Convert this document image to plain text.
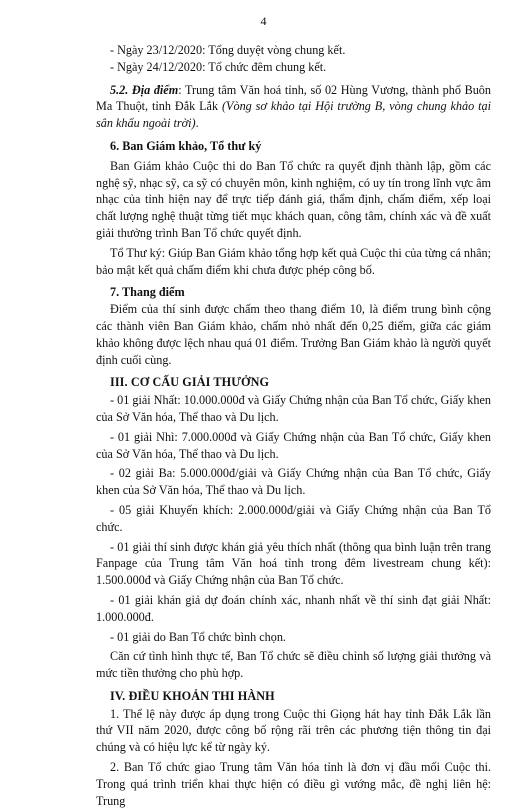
4

- Ngày 23/12/2020: Tổng duyệt vòng chung kết.

- Ngày 24/12/2020: Tổ chức đêm chung kết.

5.2. Địa điểm: Trung tâm Văn hoá tỉnh, số 02 Hùng Vương, thành phố Buôn Ma Thuột, tỉnh Đắk Lắk (Vòng sơ khảo tại Hội trường B, vòng chung khảo tại sân khấu ngoài trời).

6. Ban Giám khảo, Tổ thư ký

Ban Giám khảo Cuộc thi do Ban Tổ chức ra quyết định thành lập, gồm các nghệ sỹ, nhạc sỹ, ca sỹ có chuyên môn, kinh nghiệm, có uy tín trong lĩnh vực âm nhạc của tỉnh hiện nay để trực tiếp đánh giá, thẩm định, chấm điểm, xếp loại chất lượng nghệ thuật từng tiết mục khách quan, công tâm, chính xác và đề xuất giải thưởng trình Ban Tổ chức quyết định.

Tổ Thư ký: Giúp Ban Giám khảo tổng hợp kết quả Cuộc thi của từng cá nhân; bảo mật kết quả chấm điểm khi chưa được phép công bố.

7. Thang điểm

Điểm của thí sinh được chấm theo thang điểm 10, là điểm trung bình cộng các thành viên Ban Giám khảo, chấm nhỏ nhất đến 0,25 điểm, giữa các giám khảo không được lệch nhau quá 01 điểm. Trưởng Ban Giám khảo là người quyết định cuối cùng.

III. CƠ CẤU GIẢI THƯỞNG

- 01 giải Nhất: 10.000.000đ và Giấy Chứng nhận của Ban Tổ chức, Giấy khen của Sở Văn hóa, Thể thao và Du lịch.

- 01 giải Nhì: 7.000.000đ và Giấy Chứng nhận của Ban Tổ chức, Giấy khen của Sở Văn hóa, Thể thao và Du lịch.

- 02 giải Ba: 5.000.000đ/giải và Giấy Chứng nhận của Ban Tổ chức, Giấy khen của Sở Văn hóa, Thể thao và Du lịch.

- 05 giải Khuyến khích: 2.000.000đ/giải và Giấy Chứng nhận của Ban Tổ chức.

- 01 giải thí sinh được khán giả yêu thích nhất (thông qua bình luận trên trang Fanpage của Trung tâm Văn hoá tỉnh trong đêm livestream chung kết): 1.500.000đ và Giấy Chứng nhận của Ban Tổ chức.

- 01 giải khán giả dự đoán chính xác, nhanh nhất về thí sinh đạt giải Nhất: 1.000.000đ.

- 01 giải do Ban Tổ chức bình chọn.

Căn cứ tình hình thực tế, Ban Tổ chức sẽ điều chỉnh số lượng giải thưởng và mức tiền thưởng cho phù hợp.

IV. ĐIỀU KHOẢN THI HÀNH

1. Thể lệ này được áp dụng trong Cuộc thi Giọng hát hay tỉnh Đắk Lắk lần thứ VII năm 2020, được công bố rộng rãi trên các phương tiện thông tin đại chúng và có hiệu lực kể từ ngày ký.

2. Ban Tổ chức giao Trung tâm Văn hóa tỉnh là đơn vị đầu mối Cuộc thi. Trong quá trình triển khai thực hiện có điều gì vướng mắc, đề nghị liên hệ: Trung
